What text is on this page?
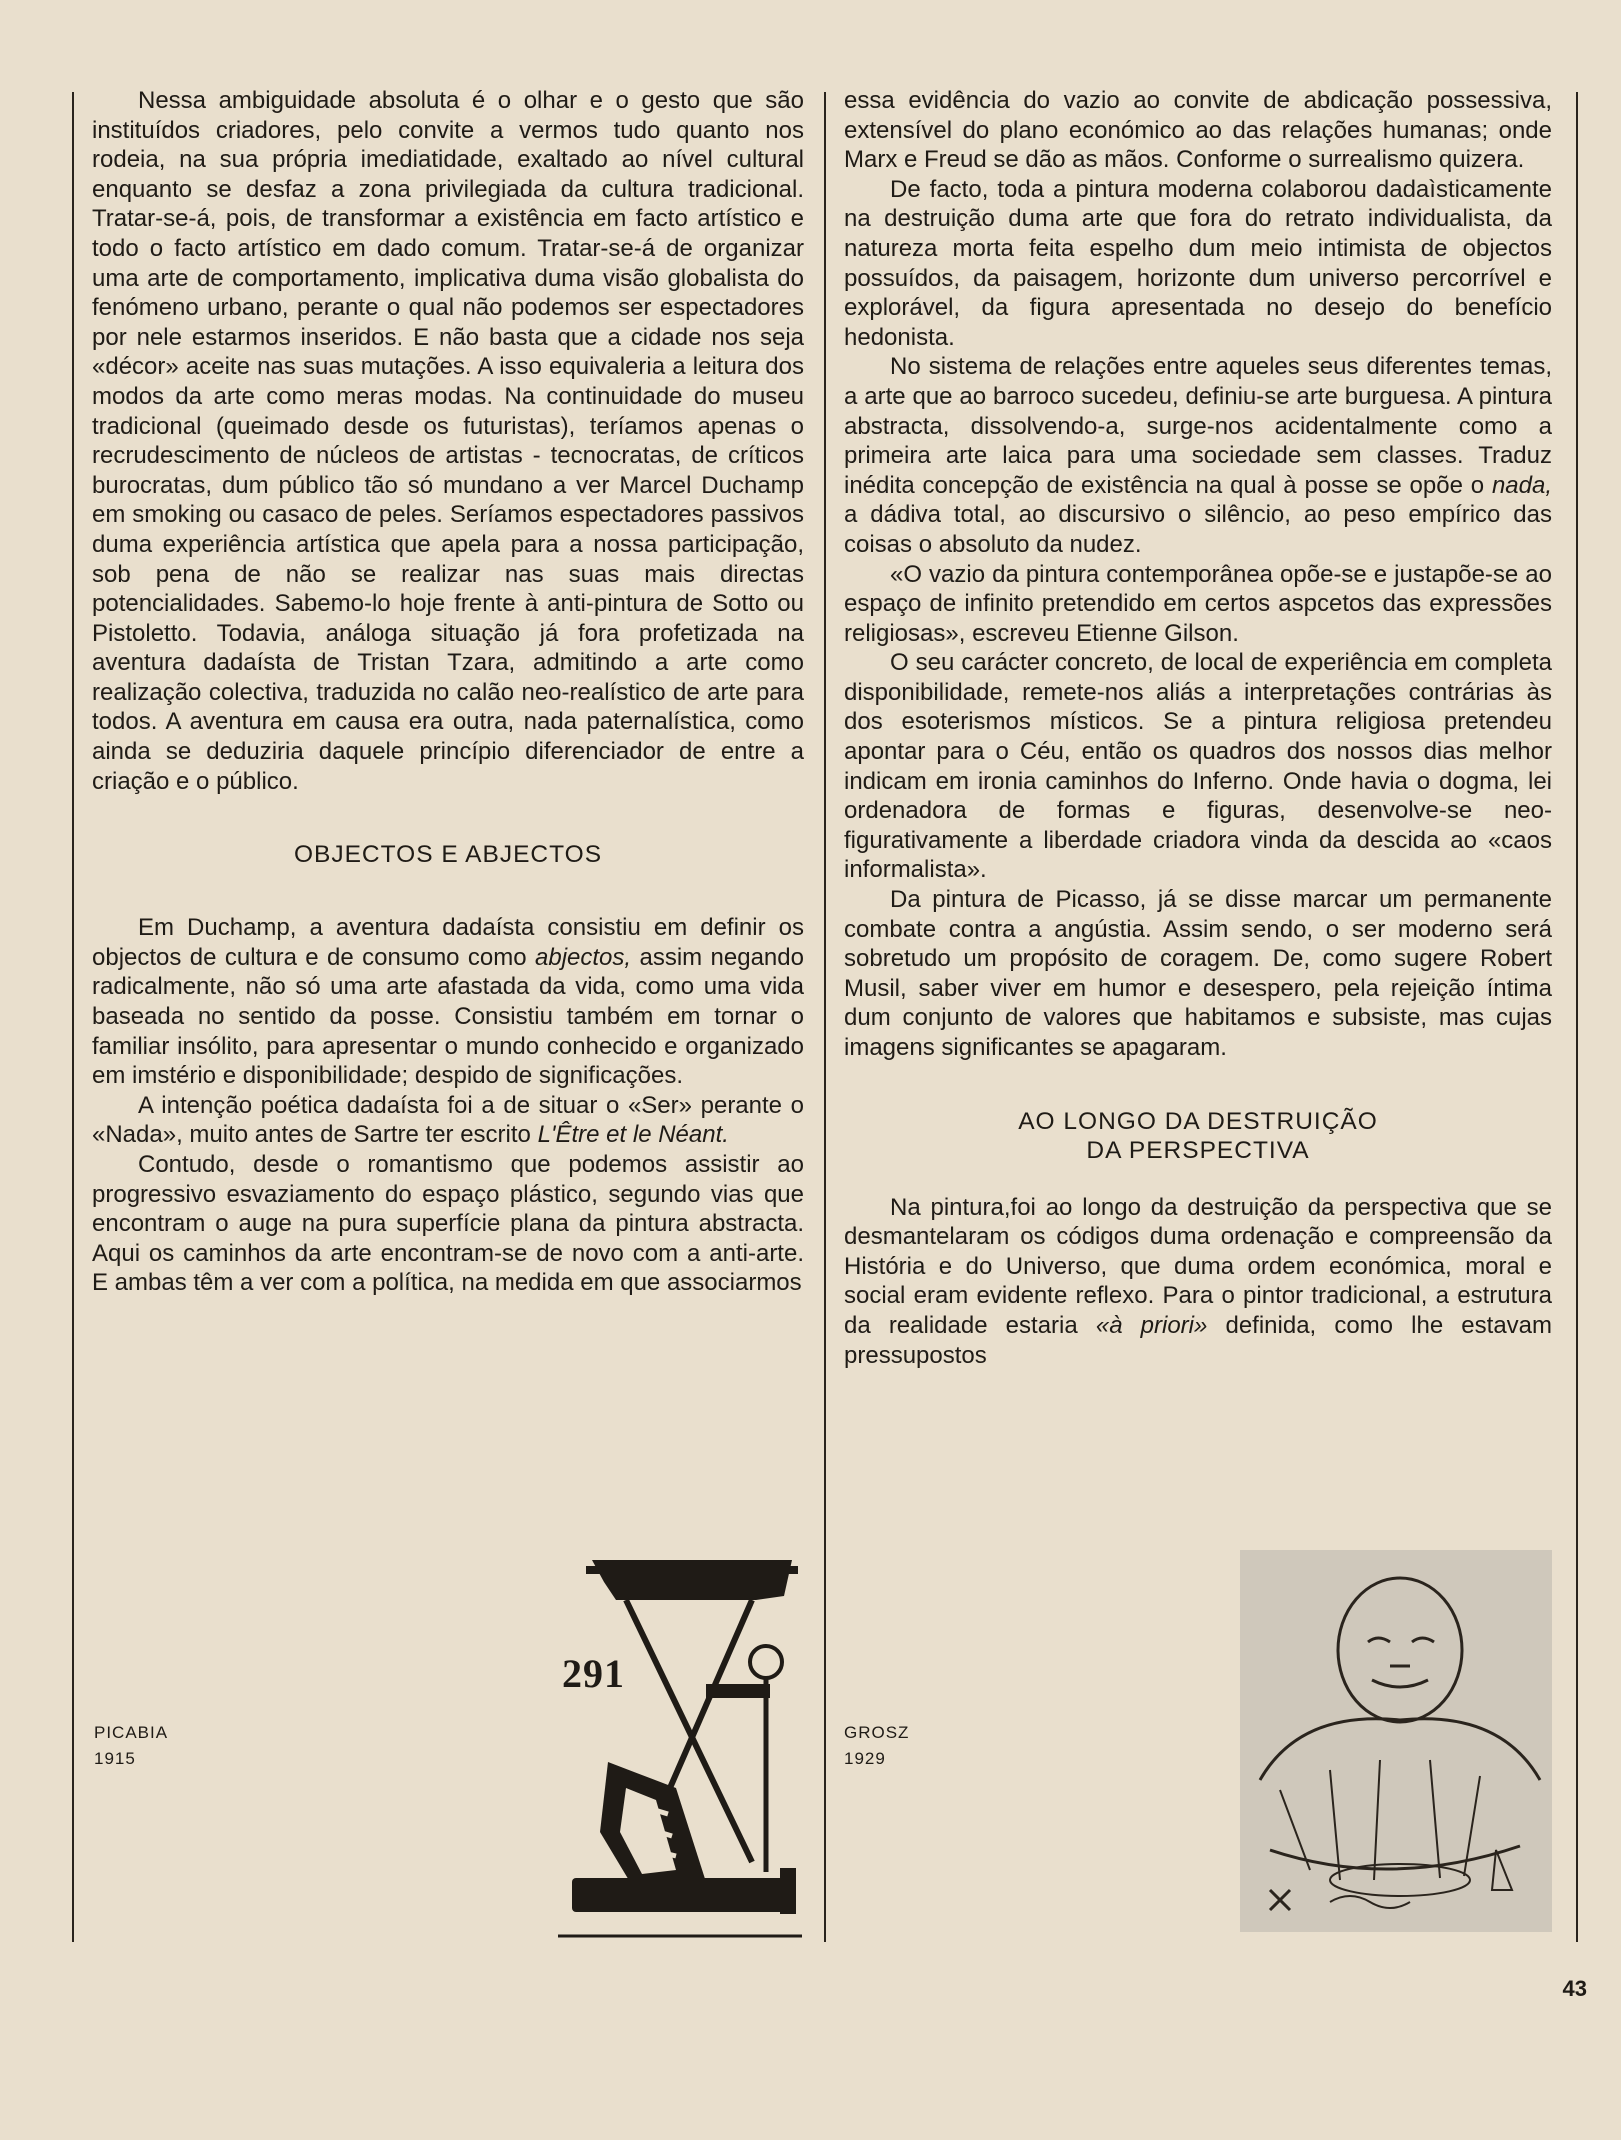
Nessa ambiguidade absoluta é o olhar e o gesto que são instituídos criadores, pelo convite a vermos tudo quanto nos rodeia, na sua própria imediatidade, exaltado ao nível cultural enquanto se desfaz a zona privilegiada da cultura tradicional. Tratar-se-á, pois, de transformar a existência em facto artístico e todo o facto artístico em dado comum. Tratar-se-á de organizar uma arte de comportamento, implicativa duma visão globalista do fenómeno urbano, perante o qual não podemos ser espectadores por nele estarmos inseridos. E não basta que a cidade nos seja «décor» aceite nas suas mutações. A isso equivaleria a leitura dos modos da arte como meras modas. Na continuidade do museu tradicional (queimado desde os futuristas), teríamos apenas o recrudescimento de núcleos de artistas - tecnocratas, de críticos burocratas, dum público tão só mundano a ver Marcel Duchamp em smoking ou casaco de peles. Seríamos espectadores passivos duma experiência artística que apela para a nossa participação, sob pena de não se realizar nas suas mais directas potencialidades. Sabemo-lo hoje frente à anti-pintura de Sotto ou Pistoletto. Todavia, análoga situação já fora profetizada na aventura dadaísta de Tristan Tzara, admitindo a arte como realização colectiva, traduzida no calão neo-realístico de arte para todos. A aventura em causa era outra, nada paternalística, como ainda se deduziria daquele princípio diferenciador de entre a criação e o público.

OBJECTOS E ABJECTOS

Em Duchamp, a aventura dadaísta consistiu em definir os objectos de cultura e de consumo como abjectos, assim negando radicalmente, não só uma arte afastada da vida, como uma vida baseada no sentido da posse. Consistiu também em tornar o familiar insólito, para apresentar o mundo conhecido e organizado em imstério e disponibilidade; despido de significações.

A intenção poética dadaísta foi a de situar o «Ser» perante o «Nada», muito antes de Sartre ter escrito L'Être et le Néant.

Contudo, desde o romantismo que podemos assistir ao progressivo esvaziamento do espaço plástico, segundo vias que encontram o auge na pura superfície plana da pintura abstracta. Aqui os caminhos da arte encontram-se de novo com a anti-arte. E ambas têm a ver com a política, na medida em que associarmos

essa evidência do vazio ao convite de abdicação possessiva, extensível do plano económico ao das relações humanas; onde Marx e Freud se dão as mãos. Conforme o surrealismo quizera.

De facto, toda a pintura moderna colaborou dadaìsticamente na destruição duma arte que fora do retrato individualista, da natureza morta feita espelho dum meio intimista de objectos possuídos, da paisagem, horizonte dum universo percorrível e explorável, da figura apresentada no desejo do benefício hedonista.

No sistema de relações entre aqueles seus diferentes temas, a arte que ao barroco sucedeu, definiu-se arte burguesa. A pintura abstracta, dissolvendo-a, surge-nos acidentalmente como a primeira arte laica para uma sociedade sem classes. Traduz inédita concepção de existência na qual à posse se opõe o nada, a dádiva total, ao discursivo o silêncio, ao peso empírico das coisas o absoluto da nudez.

«O vazio da pintura contemporânea opõe-se e justapõe-se ao espaço de infinito pretendido em certos aspcetos das expressões religiosas», escreveu Etienne Gilson.

O seu carácter concreto, de local de experiência em completa disponibilidade, remete-nos aliás a interpretações contrárias às dos esoterismos místicos. Se a pintura religiosa pretendeu apontar para o Céu, então os quadros dos nossos dias melhor indicam em ironia caminhos do Inferno. Onde havia o dogma, lei ordenadora de formas e figuras, desenvolve-se neo-figurativamente a liberdade criadora vinda da descida ao «caos informalista».

Da pintura de Picasso, já se disse marcar um permanente combate contra a angústia. Assim sendo, o ser moderno será sobretudo um propósito de coragem. De, como sugere Robert Musil, saber viver em humor e desespero, pela rejeição íntima dum conjunto de valores que habitamos e subsiste, mas cujas imagens significantes se apagaram.

AO LONGO DA DESTRUIÇÃO
DA PERSPECTIVA

Na pintura,foi ao longo da destruição da perspectiva que se desmantelaram os códigos duma ordenação e compreensão da História e do Universo, que duma ordem económica, moral e social eram evidente reflexo. Para o pintor tradicional, a estrutura da realidade estaria «à priori» definida, como lhe estavam pressupostos

PICABIA
1915
GROSZ
1929
291
43
